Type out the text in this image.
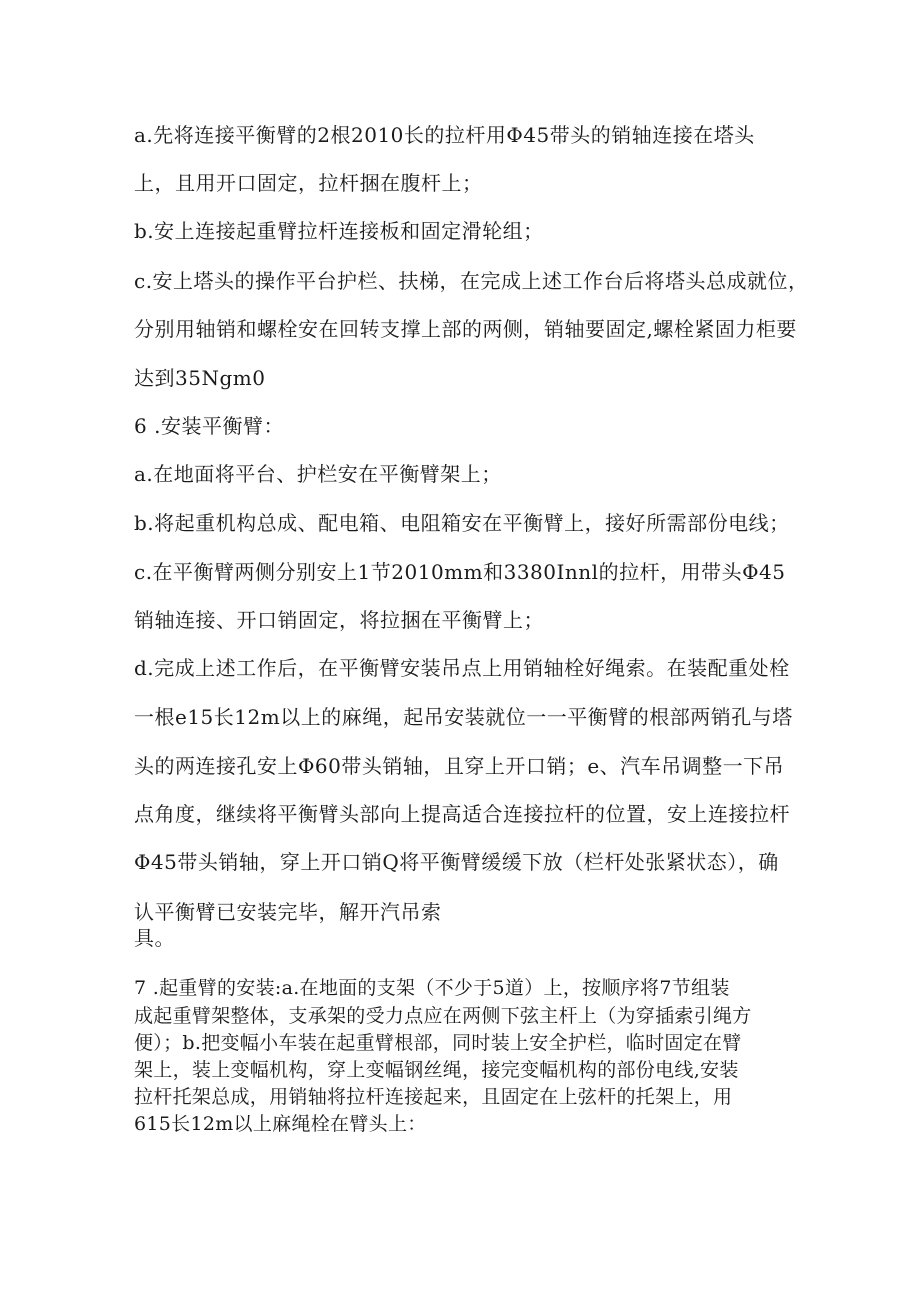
a.先将连接平衡臂的2根2010长的拉杆用Φ45带头的销轴连接在塔头
上，且用开口固定，拉杆捆在腹杆上；
b.安上连接起重臂拉杆连接板和固定滑轮组；
c.安上塔头的操作平台护栏、扶梯，在完成上述工作台后将塔头总成就位，
分别用轴销和螺栓安在回转支撑上部的两侧，销轴要固定,螺栓紧固力柜要
达到35Ngm0
6 .安装平衡臂：
a.在地面将平台、护栏安在平衡臂架上；
b.将起重机构总成、配电箱、电阻箱安在平衡臂上，接好所需部份电线；
c.在平衡臂两侧分别安上1节2010mm和3380Innl的拉杆，用带头Φ45
销轴连接、开口销固定，将拉捆在平衡臂上；
d.完成上述工作后，在平衡臂安装吊点上用销轴栓好绳索。在装配重处栓
一根e15长12m以上的麻绳，起吊安装就位一一平衡臂的根部两销孔与塔
头的两连接孔安上Φ60带头销轴，且穿上开口销；e、汽车吊调整一下吊
点角度，继续将平衡臂头部向上提高适合连接拉杆的位置，安上连接拉杆
Φ45带头销轴，穿上开口销Q将平衡臂缓缓下放（栏杆处张紧状态），确
认平衡臂已安装完毕，解开汽吊索
具。
7 .起重臂的安装:a.在地面的支架（不少于5道）上，按顺序将7节组装
成起重臂架整体，支承架的受力点应在两侧下弦主杆上（为穿插索引绳方
便）；b.把变幅小车装在起重臂根部，同时装上安全护栏，临时固定在臂
架上，装上变幅机构，穿上变幅钢丝绳，接完变幅机构的部份电线,安装
拉杆托架总成，用销轴将拉杆连接起来，且固定在上弦杆的托架上，用
615长12m以上麻绳栓在臂头上：
